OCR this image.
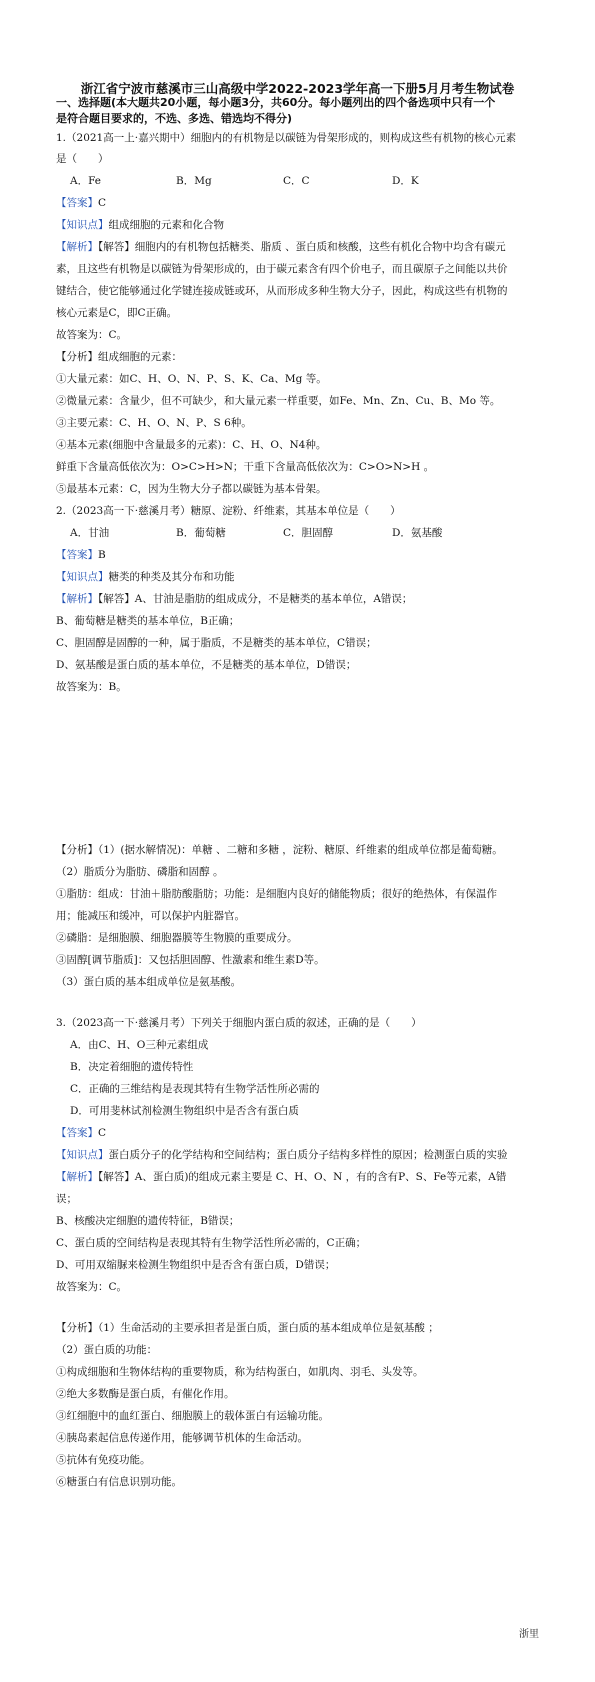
浙江省宁波市慈溪市三山高级中学2022-2023学年高一下册5月月考生物试卷
一、选择题(本大题共20小题，每小题3分，共60分。每小题列出的四个备选项中只有一个
是符合题目要求的，不选、多选、错选均不得分)
1.（2021高一上·嘉兴期中）细胞内的有机物是以碳链为骨架形成的，则构成这些有机物的核心元素
是（　　）
A．Fe	B．Mg	C．C	D．K
【答案】C
【知识点】组成细胞的元素和化合物
【解析】【解答】细胞内的有机物包括糖类、脂质 、蛋白质和核酸，这些有机化合物中均含有碳元
素，且这些有机物是以碳链为骨架形成的，由于碳元素含有四个价电子，而且碳原子之间能以共价
键结合，使它能够通过化学键连接成链或环，从而形成多种生物大分子，因此，构成这些有机物的
核心元素是C，即C正确。
故答案为：C。
【分析】组成细胞的元素：
①大量元素：如C、H、O、N、P、S、K、Ca、Mg 等。
②微量元素：含量少，但不可缺少，和大量元素一样重要，如Fe、Mn、Zn、Cu、B、Mo 等。
③主要元素：C、H、O、N、P、S 6种。
④基本元素(细胞中含量最多的元素)：C、H、O、N4种。
鲜重下含量高低依次为：O>C>H>N；干重下含量高低依次为：C>O>N>H 。
⑤最基本元素：C，因为生物大分子都以碳链为基本骨架。
2.（2023高一下·慈溪月考）糖原、淀粉、纤维素，其基本单位是（　　）
A．甘油	B．葡萄糖	C．胆固醇	D．氨基酸
【答案】B
【知识点】糖类的种类及其分布和功能
【解析】【解答】A、甘油是脂肪的组成成分，不是糖类的基本单位，A错误；
B、葡萄糖是糖类的基本单位，B正确；
C、胆固醇是固醇的一种，属于脂质，不是糖类的基本单位，C错误；
D、氨基酸是蛋白质的基本单位，不是糖类的基本单位，D错误；
故答案为：B。
【分析】（1）(据水解情况)：单糖 、二糖和多糖 ，淀粉、糖原、纤维素的组成单位都是葡萄糖。
（2）脂质分为脂肪、磷脂和固醇 。
①脂肪：组成：甘油＋脂肪酸脂肪；功能：是细胞内良好的储能物质；很好的绝热体，有保温作
用；能减压和缓冲，可以保护内脏器官。
②磷脂：是细胞膜、细胞器膜等生物膜的重要成分。
③固醇[调节脂质]：又包括胆固醇、性激素和维生素D等。
（3）蛋白质的基本组成单位是氨基酸。
3.（2023高一下·慈溪月考）下列关于细胞内蛋白质的叙述，正确的是（　　）
A．由C、H、O三种元素组成
B．决定着细胞的遗传特性
C．正确的三维结构是表现其特有生物学活性所必需的
D．可用斐林试剂检测生物组织中是否含有蛋白质
【答案】C
【知识点】蛋白质分子的化学结构和空间结构；蛋白质分子结构多样性的原因；检测蛋白质的实验
【解析】【解答】A、蛋白质)的组成元素主要是 C、H、O、N ，有的含有P、S、Fe等元素，A错
误；
B、核酸决定细胞的遗传特征，B错误；
C、蛋白质的空间结构是表现其特有生物学活性所必需的，C正确；
D、可用双缩脲来检测生物组织中是否含有蛋白质，D错误；
故答案为：C。
【分析】（1）生命活动的主要承担者是蛋白质，蛋白质的基本组成单位是氨基酸 ；
（2）蛋白质的功能：
①构成细胞和生物体结构的重要物质，称为结构蛋白，如肌肉、羽毛、头发等。
②绝大多数酶是蛋白质，有催化作用。
③红细胞中的血红蛋白、细胞膜上的载体蛋白有运输功能。
④胰岛素起信息传递作用，能够调节机体的生命活动。
⑤抗体有免疫功能。
⑥糖蛋白有信息识别功能。
浙里
